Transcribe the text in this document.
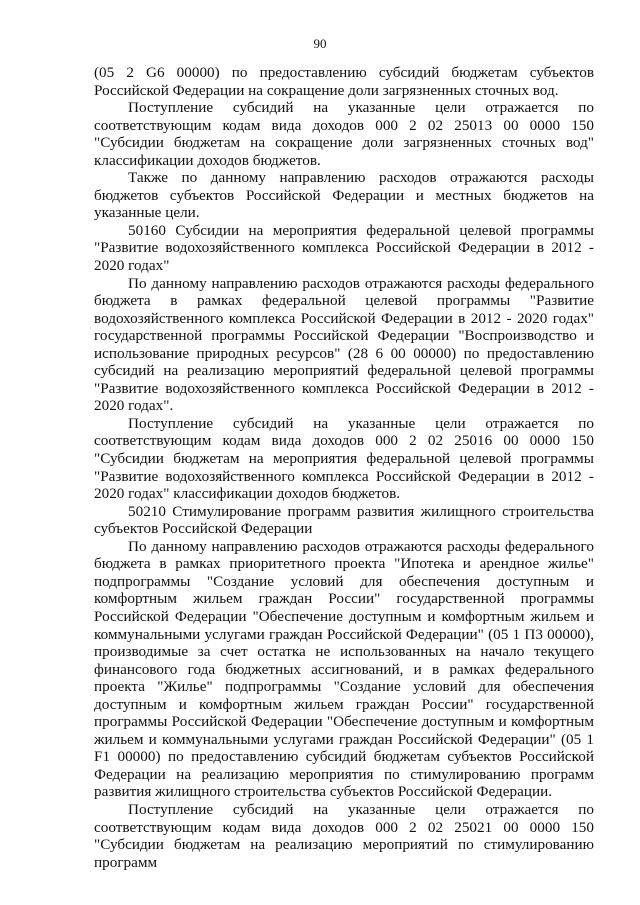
90

(05 2 G6 00000) по предоставлению субсидий бюджетам субъектов Российской Федерации на сокращение доли загрязненных сточных вод.

Поступление субсидий на указанные цели отражается по соответствующим кодам вида доходов 000 2 02 25013 00 0000 150 "Субсидии бюджетам на сокращение доли загрязненных сточных вод" классификации доходов бюджетов.

Также по данному направлению расходов отражаются расходы бюджетов субъектов Российской Федерации и местных бюджетов на указанные цели.

50160 Субсидии на мероприятия федеральной целевой программы "Развитие водохозяйственного комплекса Российской Федерации в 2012 - 2020 годах"

По данному направлению расходов отражаются расходы федерального бюджета в рамках федеральной целевой программы "Развитие водохозяйственного комплекса Российской Федерации в 2012 - 2020 годах" государственной программы Российской Федерации "Воспроизводство и использование природных ресурсов" (28 6 00 00000) по предоставлению субсидий на реализацию мероприятий федеральной целевой программы "Развитие водохозяйственного комплекса Российской Федерации в 2012 - 2020 годах".

Поступление субсидий на указанные цели отражается по соответствующим кодам вида доходов 000 2 02 25016 00 0000 150 "Субсидии бюджетам на мероприятия федеральной целевой программы "Развитие водохозяйственного комплекса Российской Федерации в 2012 - 2020 годах" классификации доходов бюджетов.

50210 Стимулирование программ развития жилищного строительства субъектов Российской Федерации

По данному направлению расходов отражаются расходы федерального бюджета в рамках приоритетного проекта "Ипотека и арендное жилье" подпрограммы "Создание условий для обеспечения доступным и комфортным жильем граждан России" государственной программы Российской Федерации "Обеспечение доступным и комфортным жильем и коммунальными услугами граждан Российской Федерации" (05 1 П3 00000), производимые за счет остатка не использованных на начало текущего финансового года бюджетных ассигнований, и в рамках федерального проекта "Жилье" подпрограммы "Создание условий для обеспечения доступным и комфортным жильем граждан России" государственной программы Российской Федерации "Обеспечение доступным и комфортным жильем и коммунальными услугами граждан Российской Федерации" (05 1 F1 00000) по предоставлению субсидий бюджетам субъектов Российской Федерации на реализацию мероприятия по стимулированию программ развития жилищного строительства субъектов Российской Федерации.

Поступление субсидий на указанные цели отражается по соответствующим кодам вида доходов 000 2 02 25021 00 0000 150 "Субсидии бюджетам на реализацию мероприятий по стимулированию программ
